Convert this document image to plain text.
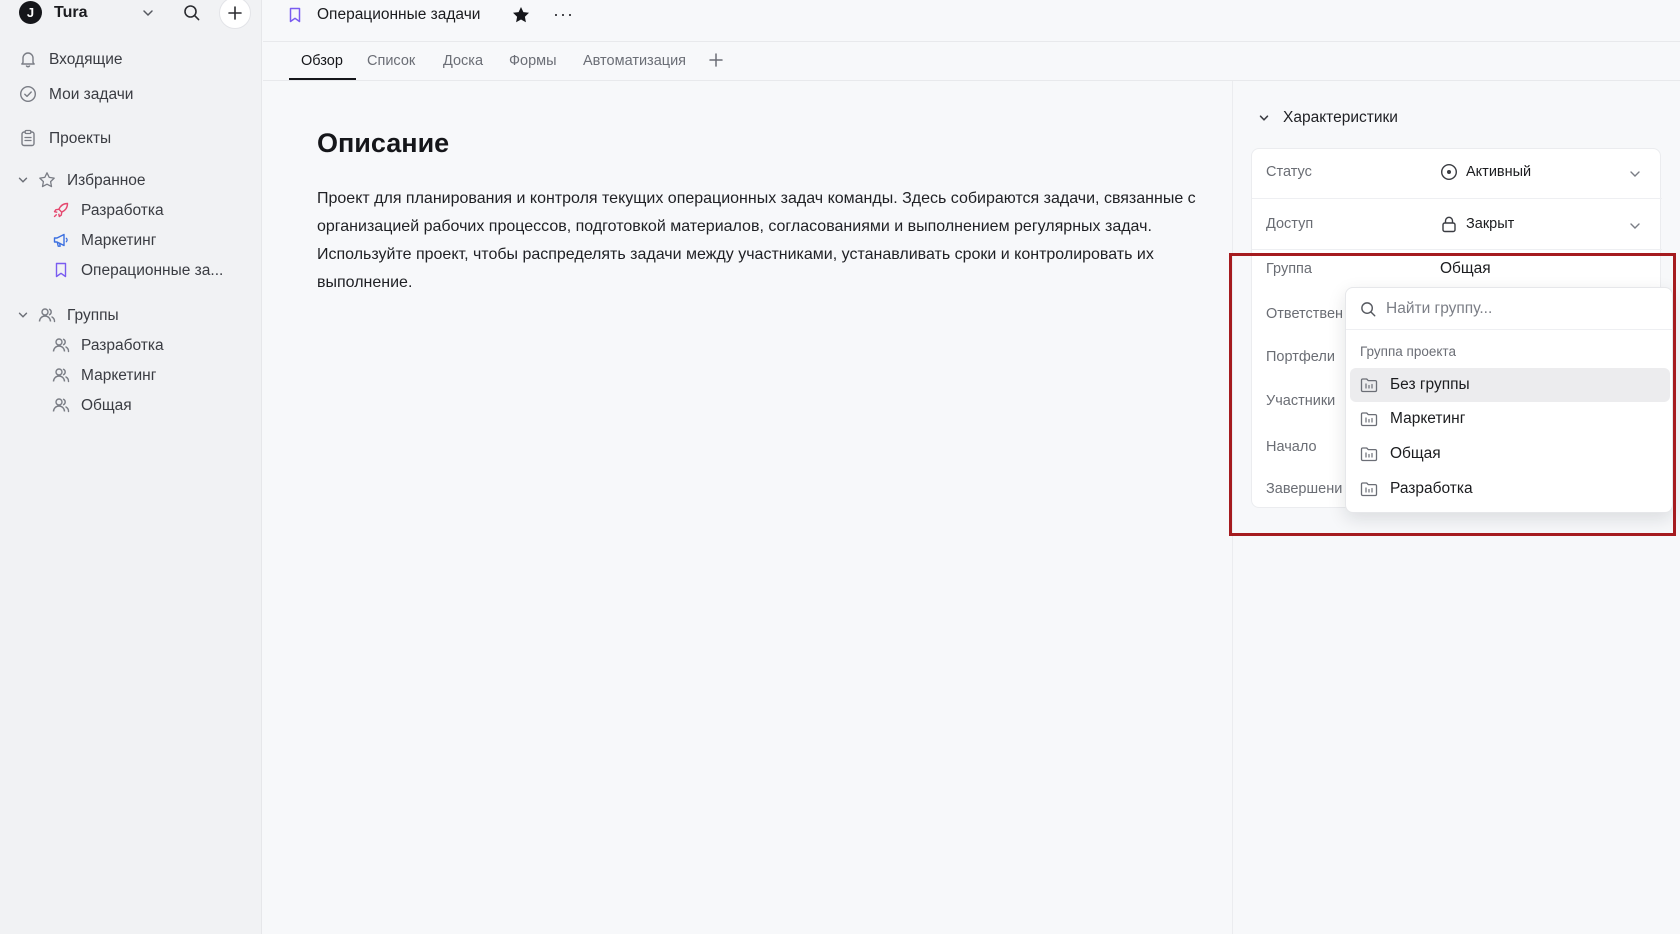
J Tura
Входящие
Мои задачи
Проекты
Избранное
Разработка
Маркетинг
Операционные за...
Группы
Разработка
Маркетинг
Общая
Операционные задачи	···
Обзор Список Доска Формы Автоматизация
Описание

Проект для планирования и контроля текущих операционных задач команды. Здесь собираются задачи, связанные с организацией рабочих процессов, подготовкой материалов, согласованиями и выполнением регулярных задач. Используйте проект, чтобы распределять задачи между участниками, устанавливать сроки и контролировать их выполнение.

Характеристики
Статус	Активный
Доступ	Закрыт
Группа	Общая
Ответствен
Портфели
Участники
Начало
Завершени
Найти группу...
Группа проекта
Без группы
Маркетинг
Общая
Разработка
